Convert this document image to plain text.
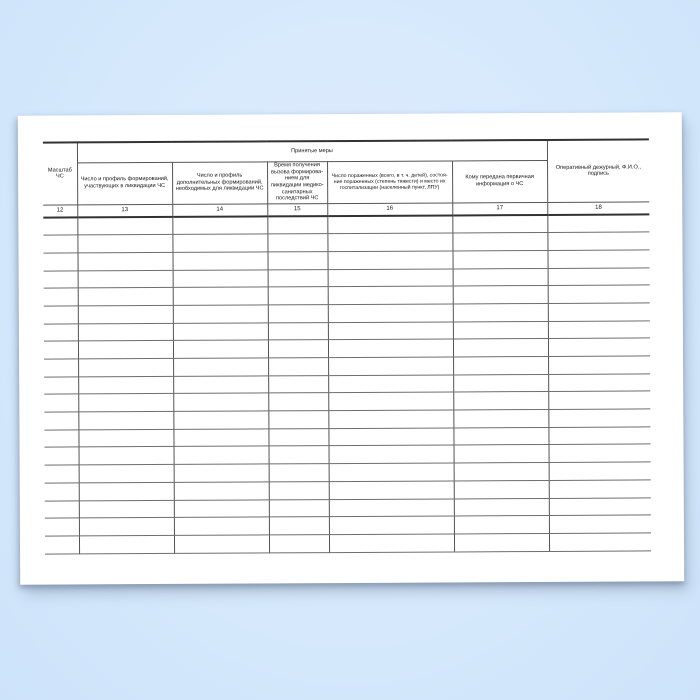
Масштаб ЧС	Принятые меры					Оперативный дежурный, Ф.И.О., подпись
	Число и профиль формирований, участвующих в ликвидации ЧС	Число и профиль дополнительных формирований, необходимых для ликвидации ЧС	Время получения вызова формирова- нием для ликвидации медико-санитарных последствий ЧС	Число пораженных (всего, в т. ч. детей), состоя- ние пораженных (степень тяжести) и место их госпитализации (населенный пункт, ЛПУ)	Кому передана первичная информация о ЧС	
12	13	14	15	16	17	18
